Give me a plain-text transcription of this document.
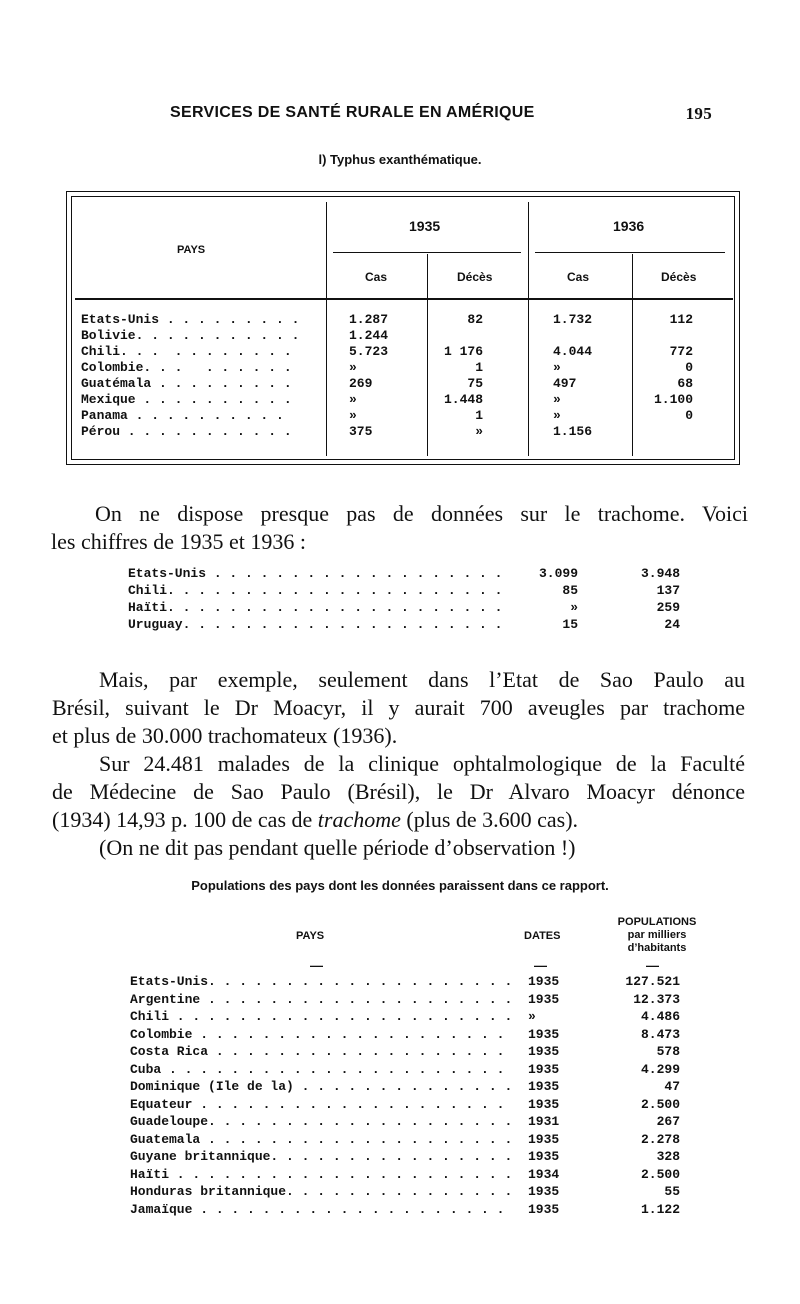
SERVICES DE SANTÉ RURALE EN AMÉRIQUE	195
l) Typhus exanthématique.
PAYS
1935	1936
Cas	Décès	Cas	Décès
Etats-Unis . . . . . . . . .	1.287	82	1.732	112
Bolivie. . . . . . . . . . .	1.244
Chili. . .  . . . . . . . .	5.723	1 176	4.044	772
Colombie. . .   . . . . . .	»	1	»	0
Guatémala . . . . . . . . .	269	75	497	68
Mexique . . . . . . . . . .	»	1.448	»	1.100
Panama . . . . . . . . . .	»	1	»	0
Pérou . . . . . . . . . . .	375	»	1.156
On ne dispose presque pas de données sur le trachome. Voici
les chiffres de 1935 et 1936 :
Etats-Unis . . . . . . . . . . . . . . . . . . .	3.099	3.948
Chili. . . . . . . . . . . . . . . . . . . . . .	85	137
Haïti. . . . . . . . . . . . . . . . . . . . . .	»	259
Uruguay. . . . . . . . . . . . . . . . . . . . .	15	24
Mais, par exemple, seulement dans l’Etat de Sao Paulo au
Brésil, suivant le Dr Moacyr, il y aurait 700 aveugles par trachome
et plus de 30.000 trachomateux (1936).
Sur 24.481 malades de la clinique ophtalmologique de la Faculté
de Médecine de Sao Paulo (Brésil), le Dr Alvaro Moacyr dénonce
(1934) 14,93 p. 100 de cas de trachome (plus de 3.600 cas).
(On ne dit pas pendant quelle période d’observation !)
Populations des pays dont les données paraissent dans ce rapport.
PAYS	DATES
POPULATIONS
par milliers
d’habitants
—	—	—
Etats-Unis. . . . . . . . . . . . . . . . . . . .	1935	127.521
Argentine . . . . . . . . . . . . . . . . . . . .	1935	12.373
Chili . . . . . . . . . . . . . . . . . . . . . .	»	4.486
Colombie . . . . . . . . . . . . . . . . . . . .	1935	8.473
Costa Rica . . . . . . . . . . . . . . . . . . .	1935	578
Cuba . . . . . . . . . . . . . . . . . . . . . .	1935	4.299
Dominique (Ile de la) . . . . . . . . . . . . . .	1935	47
Equateur . . . . . . . . . . . . . . . . . . . .	1935	2.500
Guadeloupe. . . . . . . . . . . . . . . . . . . .	1931	267
Guatemala . . . . . . . . . . . . . . . . . . . .	1935	2.278
Guyane britannique. . . . . . . . . . . . . . . .	1935	328
Haïti . . . . . . . . . . . . . . . . . . . . . .	1934	2.500
Honduras britannique. . . . . . . . . . . . . . .	1935	55
Jamaïque . . . . . . . . . . . . . . . . . . . .	1935	1.122
